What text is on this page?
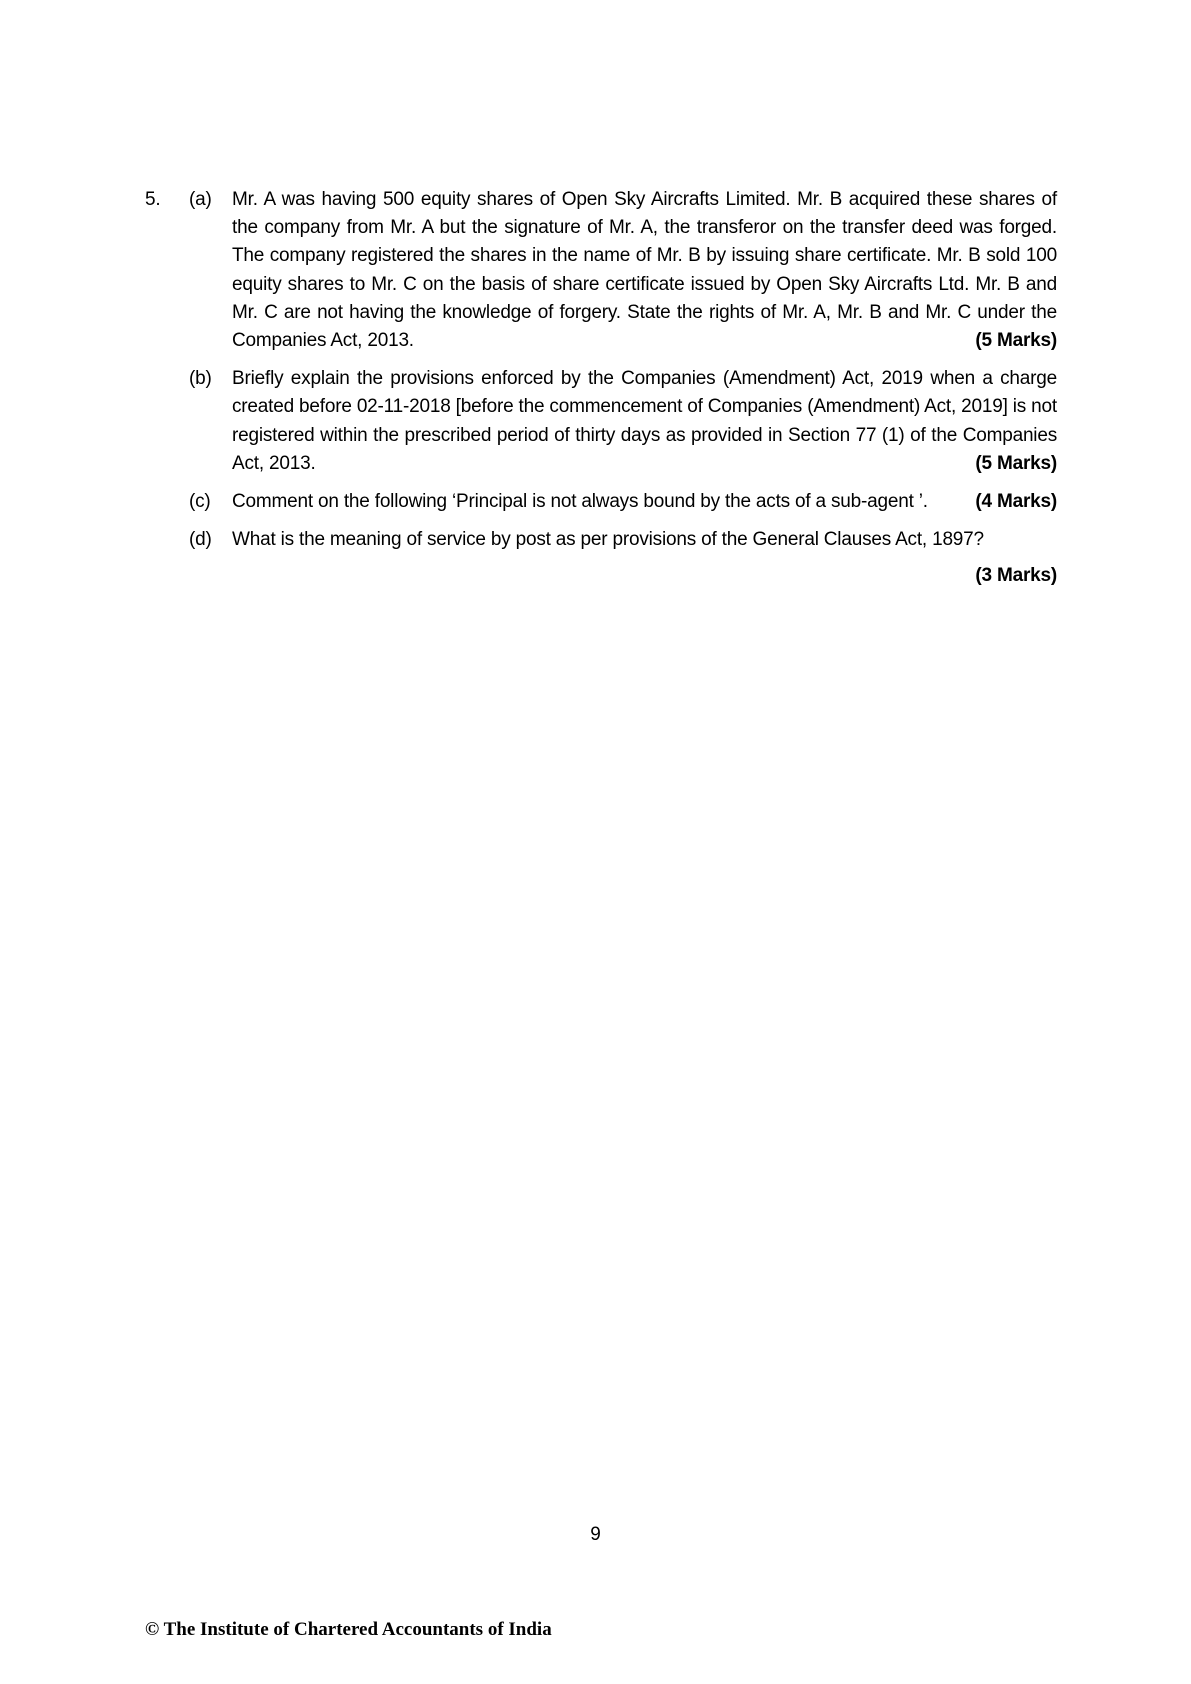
5. (a) Mr. A was having 500 equity shares of Open Sky Aircrafts Limited. Mr. B acquired these shares of the company from Mr. A but the signature of Mr. A, the transferor on the transfer deed was forged. The company registered the shares in the name of Mr. B by issuing share certificate. Mr. B sold 100 equity shares to Mr. C on the basis of share certificate issued by Open Sky Aircrafts Ltd. Mr. B and Mr. C are not having the knowledge of forgery. State the rights of Mr. A, Mr. B and Mr. C under the Companies Act, 2013.	(5 Marks)
(b) Briefly explain the provisions enforced by the Companies (Amendment) Act, 2019 when a charge created before 02-11-2018 [before the commencement of Companies (Amendment) Act, 2019] is not registered within the prescribed period of thirty days as provided in Section 77 (1) of the Companies Act, 2013.	(5 Marks)
(c) Comment on the following ‘Principal is not always bound by the acts of a sub-agent ’. (4 Marks)
(d) What is the meaning of service by post as per provisions of the General Clauses Act, 1897?
(3 Marks)
9
© The Institute of Chartered Accountants of India
